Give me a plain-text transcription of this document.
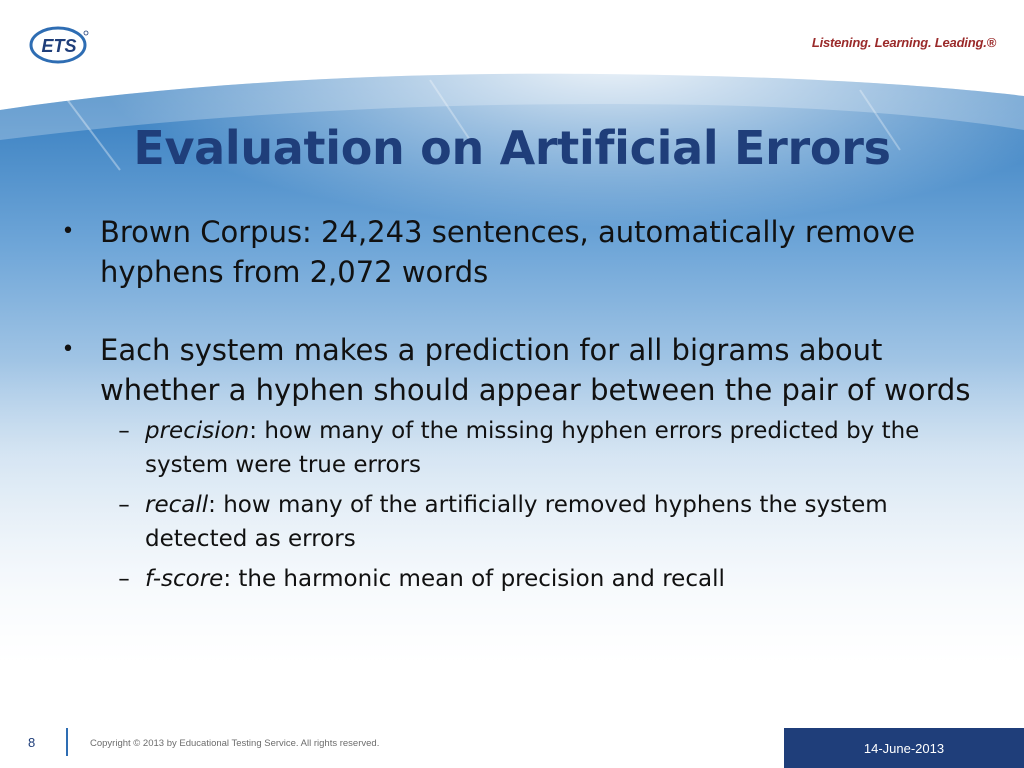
ETS	Listening. Learning. Leading.®
Evaluation on Artificial Errors
• Brown Corpus: 24,243 sentences, automatically remove hyphens from 2,072 words
• Each system makes a prediction for all bigrams about whether a hyphen should appear between the pair of words
– precision: how many of the missing hyphen errors predicted by the system were true errors
– recall: how many of the artificially removed hyphens the system detected as errors
– f-score: the harmonic mean of precision and recall
8	Copyright © 2013 by Educational Testing Service. All rights reserved.	14-June-2013
